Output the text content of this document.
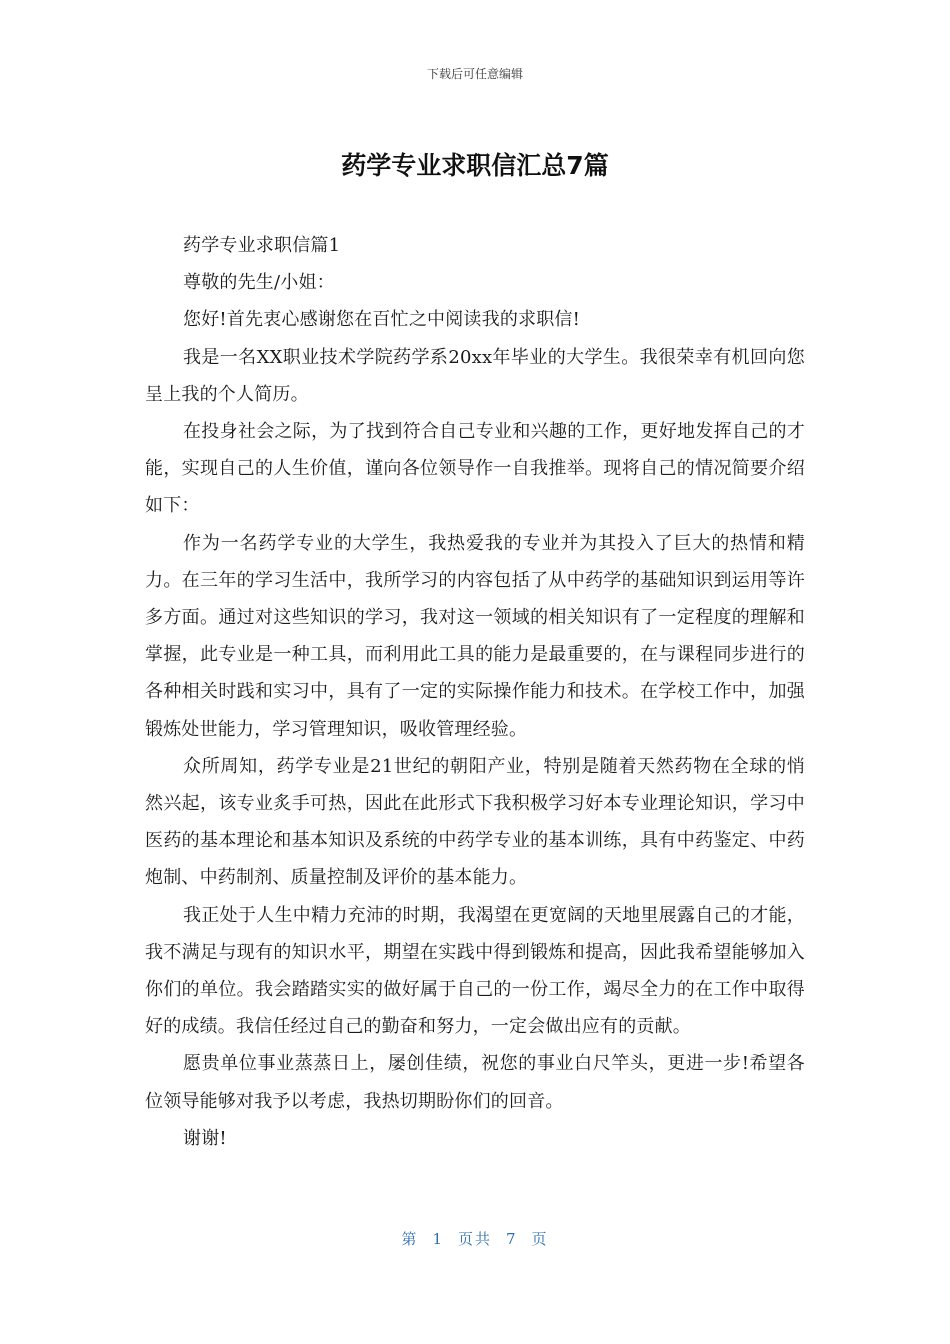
下载后可任意编辑
药学专业求职信汇总7篇

药学专业求职信篇1

尊敬的先生/小姐：

您好!首先衷心感谢您在百忙之中阅读我的求职信!

我是一名XX职业技术学院药学系20xx年毕业的大学生。我很荣幸有机回向您呈上我的个人简历。

在投身社会之际，为了找到符合自己专业和兴趣的工作，更好地发挥自己的才能，实现自己的人生价值，谨向各位领导作一自我推举。现将自己的情况简要介绍如下：

作为一名药学专业的大学生，我热爱我的专业并为其投入了巨大的热情和精力。在三年的学习生活中，我所学习的内容包括了从中药学的基础知识到运用等许多方面。通过对这些知识的学习，我对这一领域的相关知识有了一定程度的理解和掌握，此专业是一种工具，而利用此工具的能力是最重要的，在与课程同步进行的各种相关时践和实习中，具有了一定的实际操作能力和技术。在学校工作中，加强锻炼处世能力，学习管理知识，吸收管理经验。

众所周知，药学专业是21世纪的朝阳产业，特别是随着天然药物在全球的悄然兴起，该专业炙手可热，因此在此形式下我积极学习好本专业理论知识，学习中医药的基本理论和基本知识及系统的中药学专业的基本训练，具有中药鉴定、中药炮制、中药制剂、质量控制及评价的基本能力。

我正处于人生中精力充沛的时期，我渴望在更宽阔的天地里展露自己的才能，我不满足与现有的知识水平，期望在实践中得到锻炼和提高，因此我希望能够加入你们的单位。我会踏踏实实的做好属于自己的一份工作，竭尽全力的在工作中取得好的成绩。我信任经过自己的勤奋和努力，一定会做出应有的贡献。

愿贵单位事业蒸蒸日上，屡创佳绩，祝您的事业白尺竿头，更进一步!希望各位领导能够对我予以考虑，我热切期盼你们的回音。

谢谢!

第 1 页共 7 页
